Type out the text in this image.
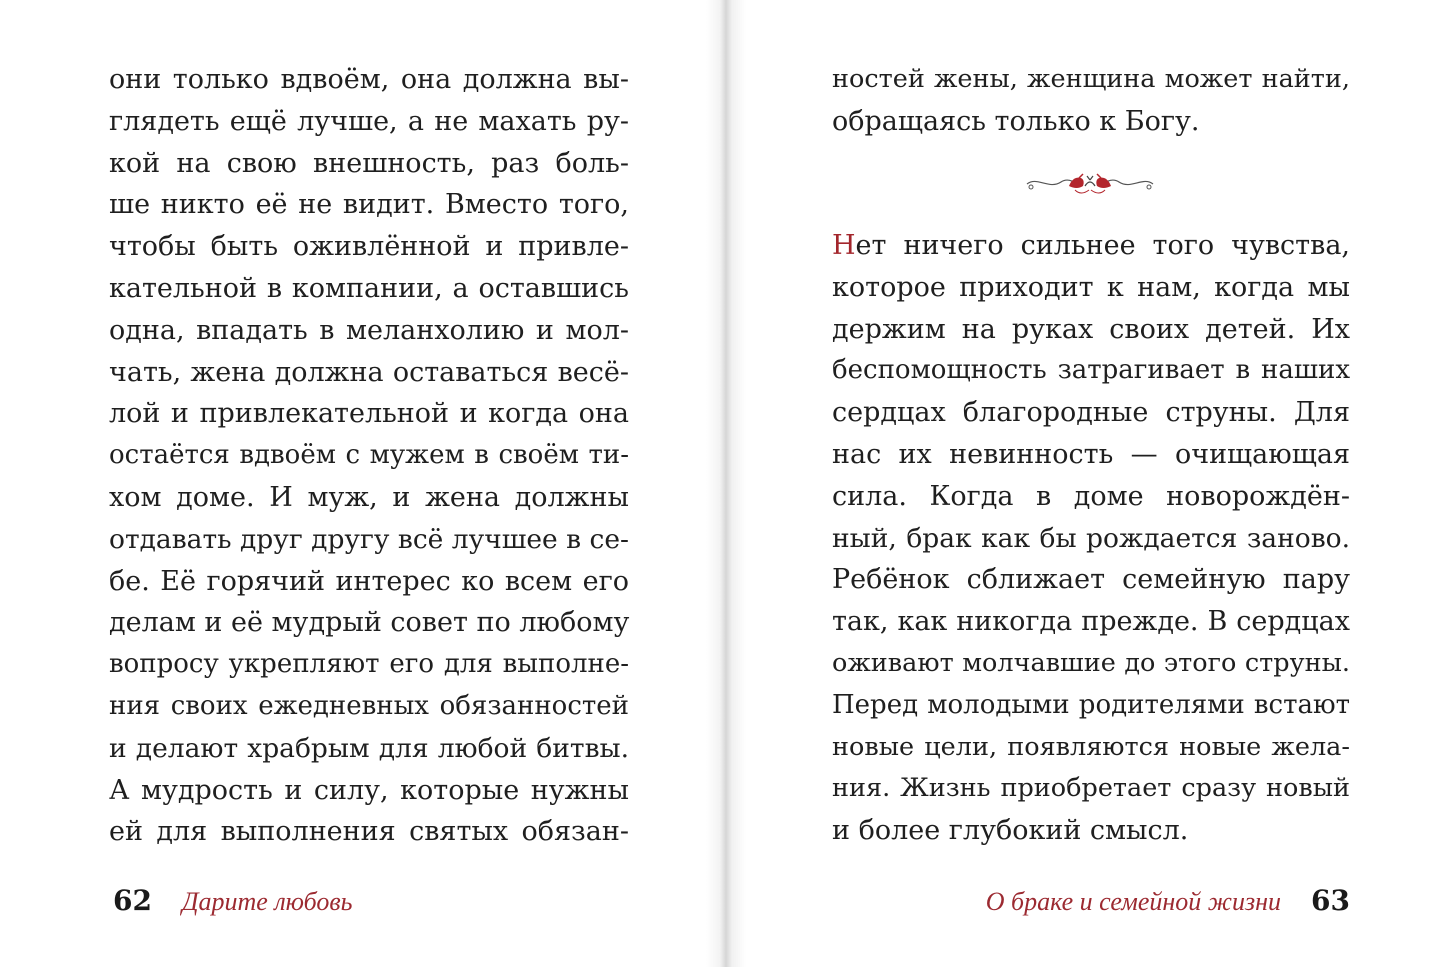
они только вдвоём, она должна вы-
глядеть ещё лучше, а не махать ру-
кой на свою внешность, раз боль-
ше никто её не видит. Вместо того,
чтобы быть оживлённой и привле-
кательной в компании, а оставшись
одна, впадать в меланхолию и мол-
чать, жена должна оставаться весё-
лой и привлекательной и когда она
остаётся вдвоём с мужем в своём ти-
хом доме. И муж, и жена должны
отдавать друг другу всё лучшее в се-
бе. Её горячий интерес ко всем его
делам и её мудрый совет по любому
вопросу укрепляют его для выполне-
ния своих ежедневных обязанностей
и делают храбрым для любой битвы.
А мудрость и силу, которые нужны
ей для выполнения святых обязан-
62 Дарите любовь
ностей жены, женщина может найти,
обращаясь только к Богу.
Нет ничего сильнее того чувства,
которое приходит к нам, когда мы
держим на руках своих детей. Их
беспомощность затрагивает в наших
сердцах благородные струны. Для
нас их невинность — очищающая
сила. Когда в доме новорождён-
ный, брак как бы рождается заново.
Ребёнок сближает семейную пару
так, как никогда прежде. В сердцах
оживают молчавшие до этого струны.
Перед молодыми родителями встают
новые цели, появляются новые жела-
ния. Жизнь приобретает сразу новый
и более глубокий смысл.
О браке и семейной жизни 63
